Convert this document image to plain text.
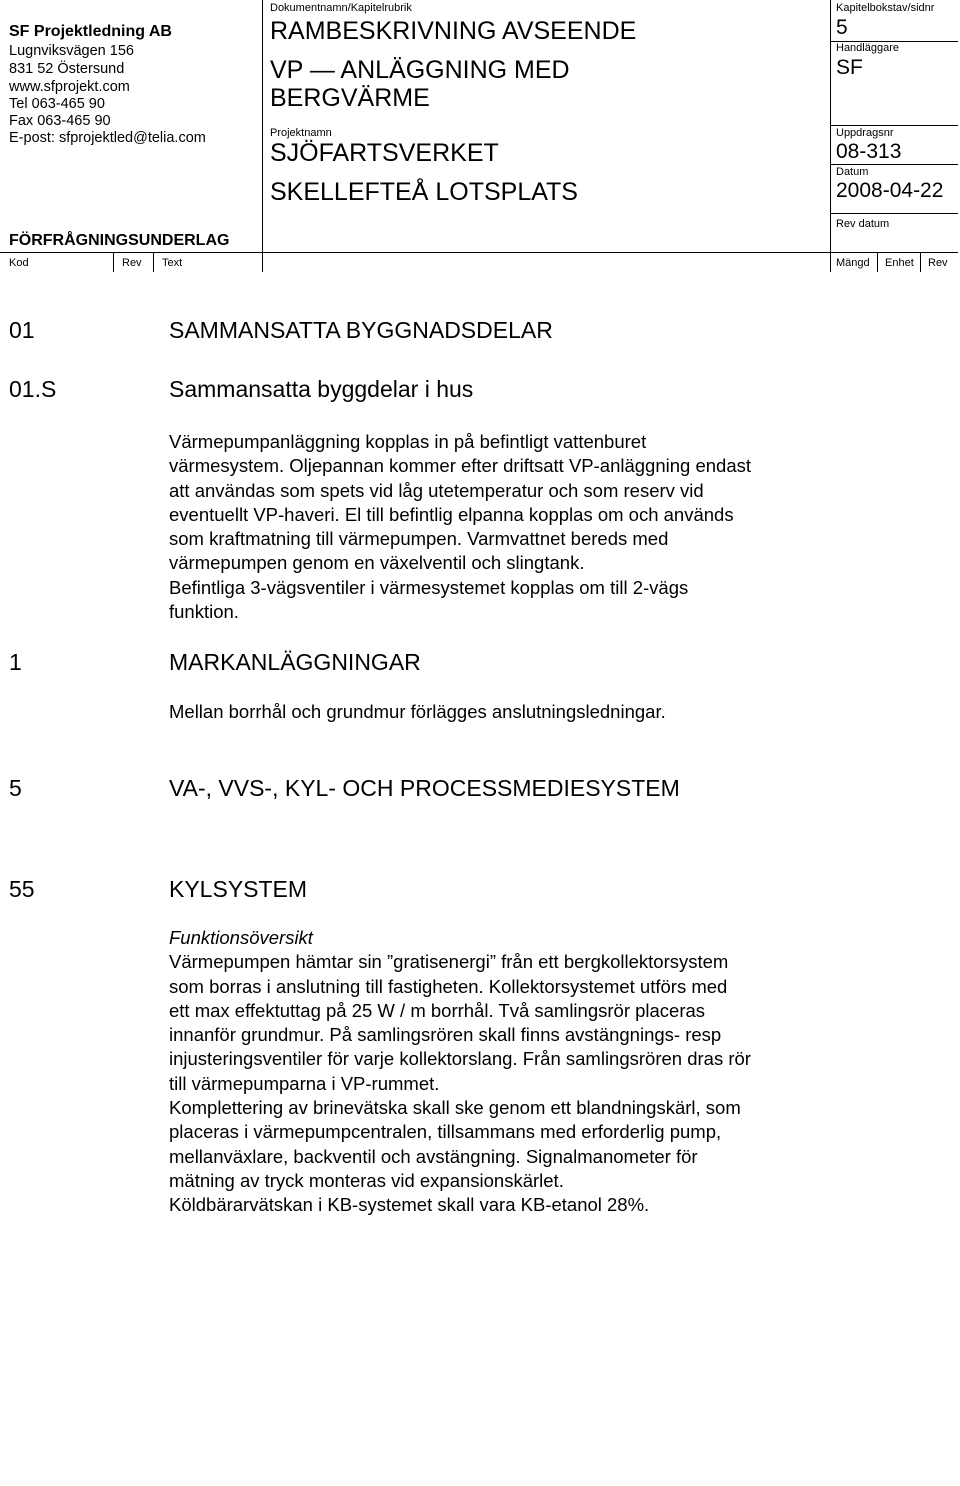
SF Projektledning AB
Lugnviksvägen 156
831 52 Östersund
www.sfprojekt.com
Tel 063-465 90
Fax 063-465 90
E-post: sfprojektled@telia.com
Dokumentnamn/Kapitelrubrik
RAMBESKRIVNING AVSEENDE
VP — ANLÄGGNING MED
BERGVÄRME
Projektnamn
SJÖFARTSVERKET
SKELLEFTEÅ LOTSPLATS
Kapitelbokstav/sidnr
5
Handläggare
SF
Uppdragsnr
08-313
Datum
2008-04-22
Rev datum
FÖRFRÅGNINGSUNDERLAG
Kod	Rev Text	Mängd Enhet Rev
01	SAMMANSATTA BYGGNADSDELAR
01.S	Sammansatta byggdelar i hus
Värmepumpanläggning kopplas in på befintligt vattenburet
värmesystem. Oljepannan kommer efter driftsatt VP-anläggning endast
att användas som spets vid låg utetemperatur och som reserv vid
eventuellt VP-haveri. El till befintlig elpanna kopplas om och används
som kraftmatning till värmepumpen. Varmvattnet bereds med
värmepumpen genom en växelventil och slingtank.
Befintliga 3-vägsventiler i värmesystemet kopplas om till 2-vägs
funktion.
1	MARKANLÄGGNINGAR
Mellan borrhål och grundmur förlägges anslutningsledningar.
5	VA-, VVS-, KYL- OCH PROCESSMEDIESYSTEM
55	KYLSYSTEM
Funktionsöversikt
Värmepumpen hämtar sin ”gratisenergi” från ett bergkollektorsystem
som borras i anslutning till fastigheten. Kollektorsystemet utförs med
ett max effektuttag på 25 W / m borrhål. Två samlingsrör placeras
innanför grundmur. På samlingsrören skall finns avstängnings- resp
injusteringsventiler för varje kollektorslang. Från samlingsrören dras rör
till värmepumparna i VP-rummet.
Komplettering av brinevätska skall ske genom ett blandningskärl, som
placeras i värmepumpcentralen, tillsammans med erforderlig pump,
mellanväxlare, backventil och avstängning. Signalmanometer för
mätning av tryck monteras vid expansionskärlet.
Köldbärarvätskan i KB-systemet skall vara KB-etanol 28%.
